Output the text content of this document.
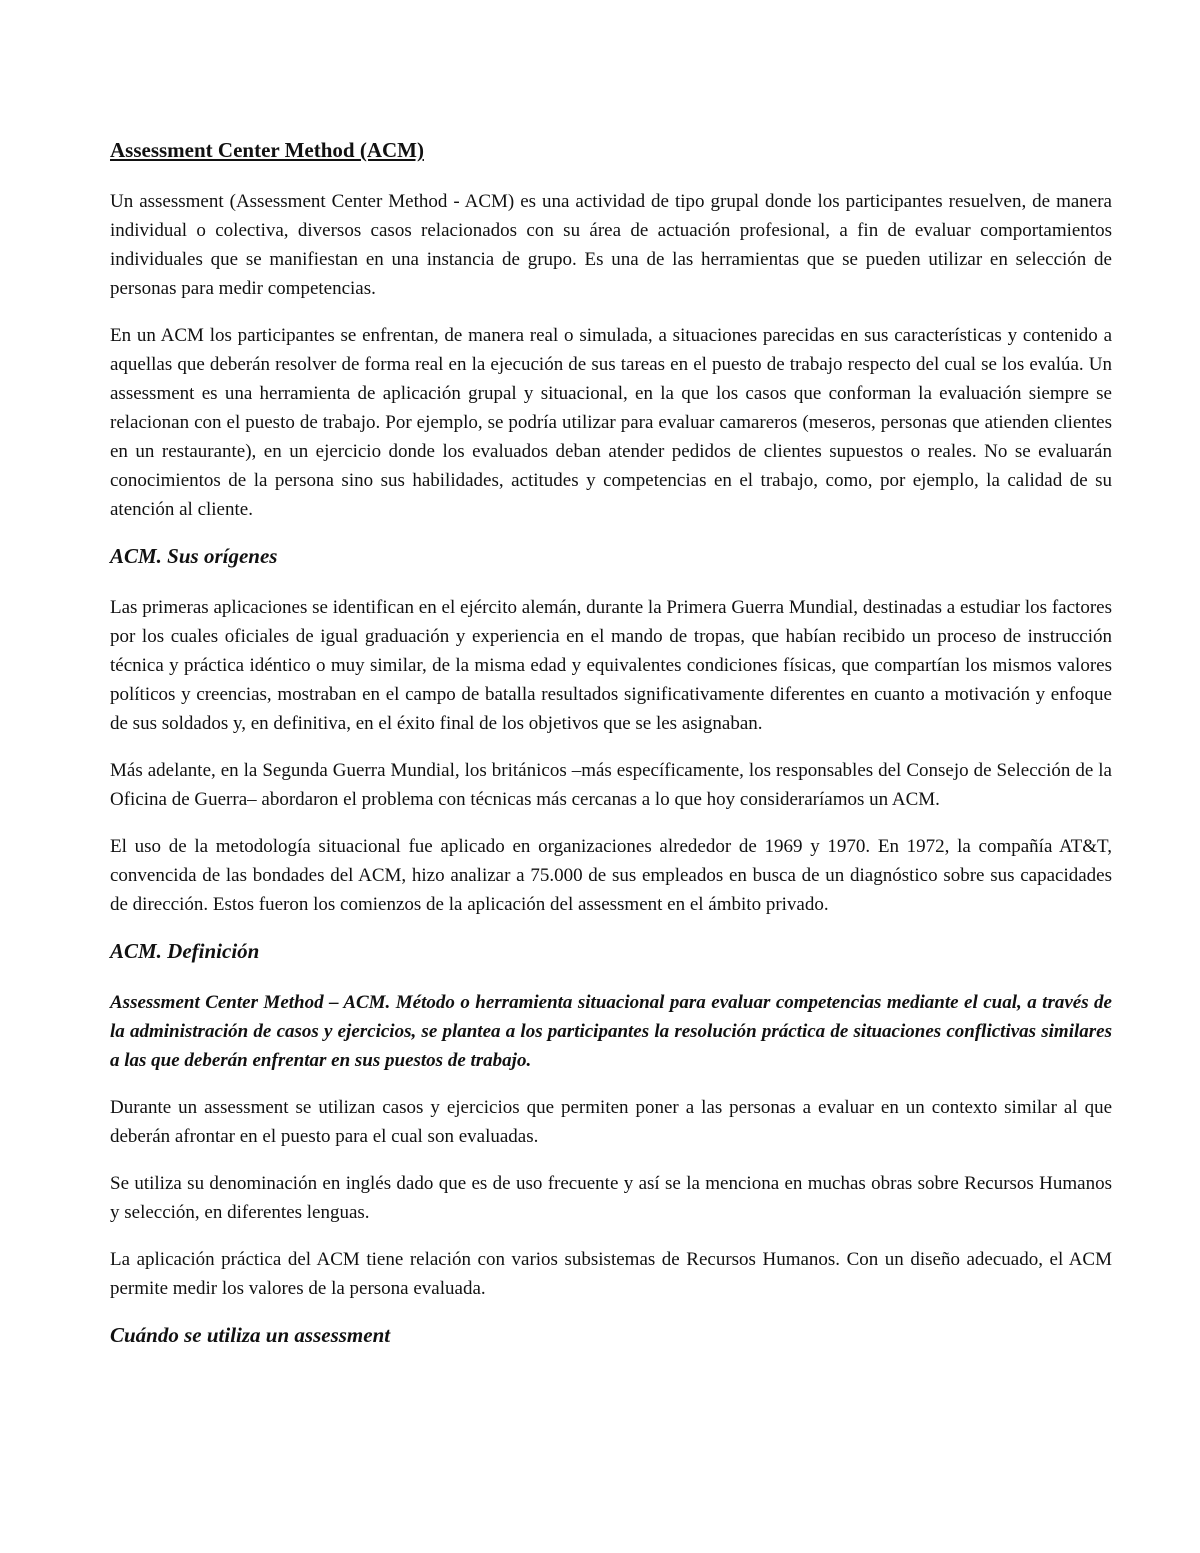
Assessment Center Method (ACM)

Un assessment (Assessment Center Method - ACM) es una actividad de tipo grupal donde los participantes resuelven, de manera individual o colectiva, diversos casos relacionados con su área de actuación profesional, a fin de evaluar comportamientos individuales que se manifiestan en una instancia de grupo. Es una de las herramientas que se pueden utilizar en selección de personas para medir competencias.

En un ACM los participantes se enfrentan, de manera real o simulada, a situaciones parecidas en sus características y contenido a aquellas que deberán resolver de forma real en la ejecución de sus tareas en el puesto de trabajo respecto del cual se los evalúa. Un assessment es una herramienta de aplicación grupal y situacional, en la que los casos que conforman la evaluación siempre se relacionan con el puesto de trabajo. Por ejemplo, se podría utilizar para evaluar camareros (meseros, personas que atienden clientes en un restaurante), en un ejercicio donde los evaluados deban atender pedidos de clientes supuestos o reales. No se evaluarán conocimientos de la persona sino sus habilidades, actitudes y competencias en el trabajo, como, por ejemplo, la calidad de su atención al cliente.

ACM. Sus orígenes

Las primeras aplicaciones se identifican en el ejército alemán, durante la Primera Guerra Mundial, destinadas a estudiar los factores por los cuales oficiales de igual graduación y experiencia en el mando de tropas, que habían recibido un proceso de instrucción técnica y práctica idéntico o muy similar, de la misma edad y equivalentes condiciones físicas, que compartían los mismos valores políticos y creencias, mostraban en el campo de batalla resultados significativamente diferentes en cuanto a motivación y enfoque de sus soldados y, en definitiva, en el éxito final de los objetivos que se les asignaban.

Más adelante, en la Segunda Guerra Mundial, los británicos –más específicamente, los responsables del Consejo de Selección de la Oficina de Guerra– abordaron el problema con técnicas más cercanas a lo que hoy consideraríamos un ACM.

El uso de la metodología situacional fue aplicado en organizaciones alrededor de 1969 y 1970. En 1972, la compañía AT&T, convencida de las bondades del ACM, hizo analizar a 75.000 de sus empleados en busca de un diagnóstico sobre sus capacidades de dirección. Estos fueron los comienzos de la aplicación del assessment en el ámbito privado.

ACM. Definición

Assessment Center Method – ACM. Método o herramienta situacional para evaluar competencias mediante el cual, a través de la administración de casos y ejercicios, se plantea a los participantes la resolución práctica de situaciones conflictivas similares a las que deberán enfrentar en sus puestos de trabajo.

Durante un assessment se utilizan casos y ejercicios que permiten poner a las personas a evaluar en un contexto similar al que deberán afrontar en el puesto para el cual son evaluadas.

Se utiliza su denominación en inglés dado que es de uso frecuente y así se la menciona en muchas obras sobre Recursos Humanos y selección, en diferentes lenguas.

La aplicación práctica del ACM tiene relación con varios subsistemas de Recursos Humanos. Con un diseño adecuado, el ACM permite medir los valores de la persona evaluada.

Cuándo se utiliza un assessment
